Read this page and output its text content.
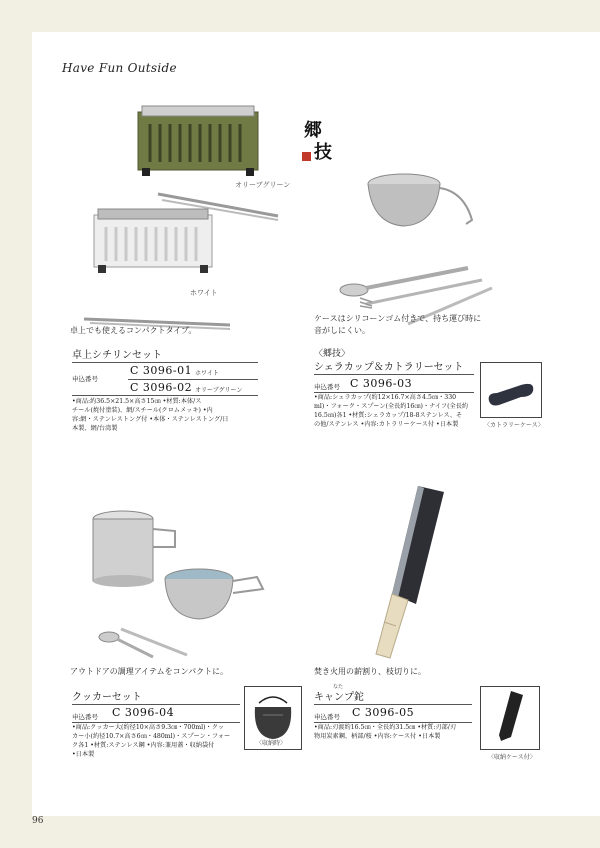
Have Fun Outside
オリーブグリーン
ホワイト
卓上でも使えるコンパクトタイプ。
卓上シチリンセット
申込番号
C 3096-01 ホワイト
C 3096-02 オリーブグリーン
•商品:約36.5×21.5×高さ15㎝ •材質:本体/ス
チール(焼付塗装)、網/スチール(クロムメッキ) •内
容:網・ステンレストング付 •本体・ステンレストング/日
本製、網/台湾製
郷
技
〈カトラリーケース〉
ケースはシリコーンゴム付きで、持ち運び時に
音がしにくい。
〈郷技〉
シェラカップ＆カトラリーセット
申込番号 C 3096-03
•商品:シェラカップ(約12×16.7×高さ4.5㎝・330
ml)・フォーク・スプーン(全長約16㎝)・ナイフ(全長約
16.5㎝)各1 •材質:シェラカップ/18-8ステンレス、そ
の他/ステンレス •内容:カトラリーケース付 •日本製
〈収納時〉
アウトドアの調理アイテムをコンパクトに。
クッカーセット
申込番号 C 3096-04
•商品:クッカー大(約径10×高さ9.3㎝・700ml)・クッ
カー小(約径10.7×高さ6㎝・480ml)・スプーン・フォー
ク各1 •材質:ステンレス鋼 •内容:兼用蓋・収納袋付
•日本製	〈収納ケース付〉
焚き火用の薪割り、枝切りに。
なた
キャンプ鉈
申込番号 C 3096-05
•商品:刃渡約16.5㎝・全長約31.5㎝ •材質:刃部/刃
物用炭素鋼、柄部/桜 •内容:ケース付 •日本製
96
